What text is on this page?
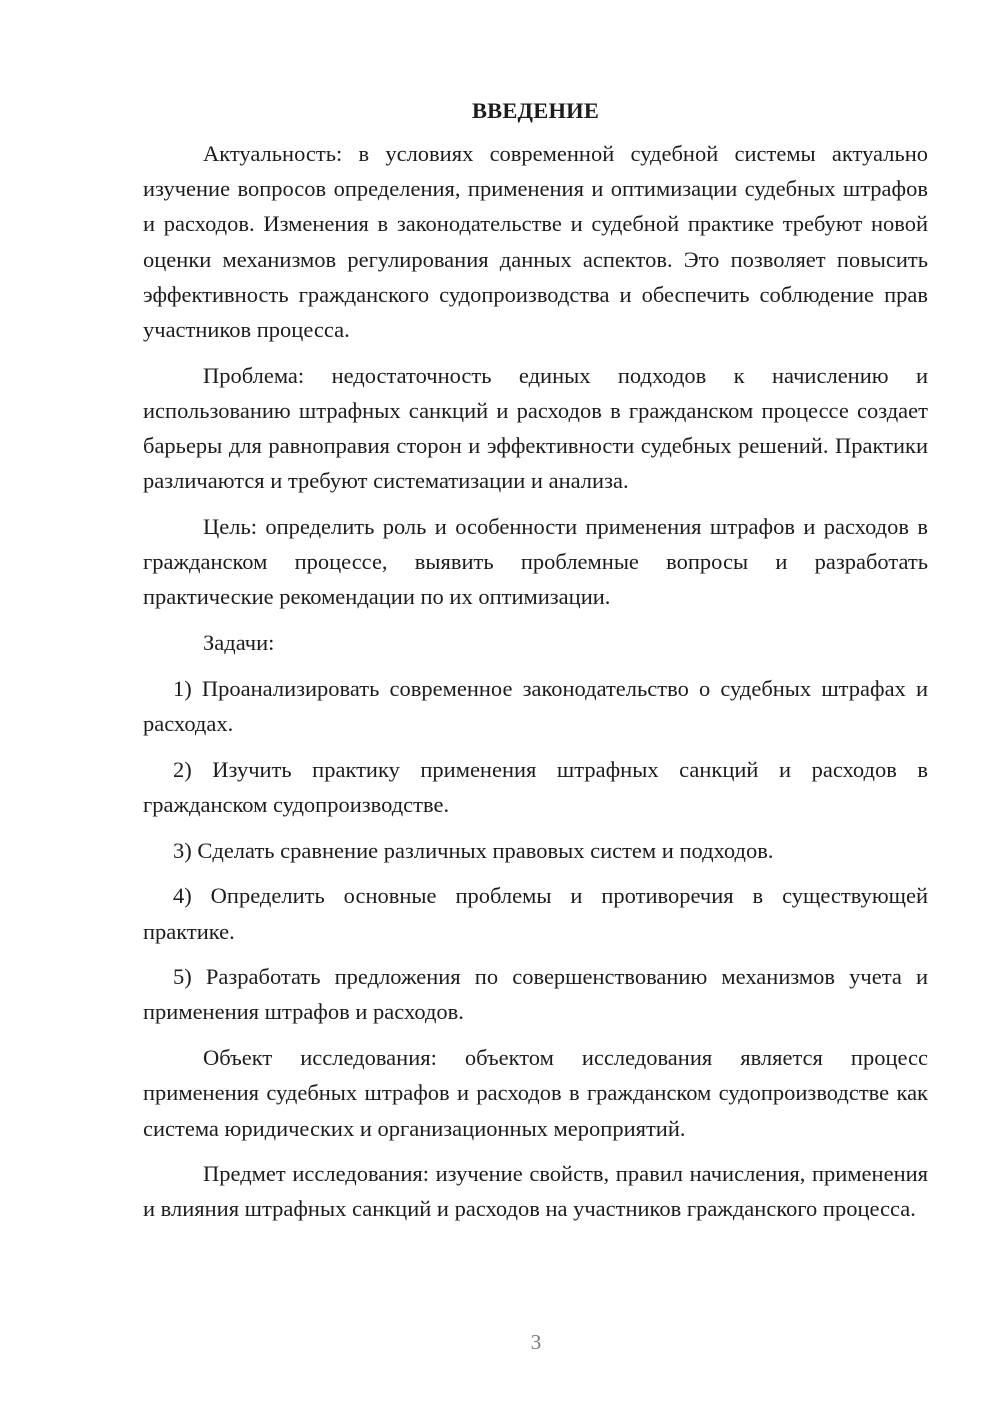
ВВЕДЕНИЕ

Актуальность: в условиях современной судебной системы актуально изучение вопросов определения, применения и оптимизации судебных штрафов и расходов. Изменения в законодательстве и судебной практике требуют новой оценки механизмов регулирования данных аспектов. Это позволяет повысить эффективность гражданского судопроизводства и обеспечить соблюдение прав участников процесса.

Проблема: недостаточность единых подходов к начислению и использованию штрафных санкций и расходов в гражданском процессе создает барьеры для равноправия сторон и эффективности судебных решений. Практики различаются и требуют систематизации и анализа.

Цель: определить роль и особенности применения штрафов и расходов в гражданском процессе, выявить проблемные вопросы и разработать практические рекомендации по их оптимизации.

Задачи:

1) Проанализировать современное законодательство о судебных штрафах и расходах.

2) Изучить практику применения штрафных санкций и расходов в гражданском судопроизводстве.

3) Сделать сравнение различных правовых систем и подходов.

4) Определить основные проблемы и противоречия в существующей практике.

5) Разработать предложения по совершенствованию механизмов учета и применения штрафов и расходов.

Объект исследования: объектом исследования является процесс применения судебных штрафов и расходов в гражданском судопроизводстве как система юридических и организационных мероприятий.

Предмет исследования: изучение свойств, правил начисления, применения и влияния штрафных санкций и расходов на участников гражданского процесса.

3
